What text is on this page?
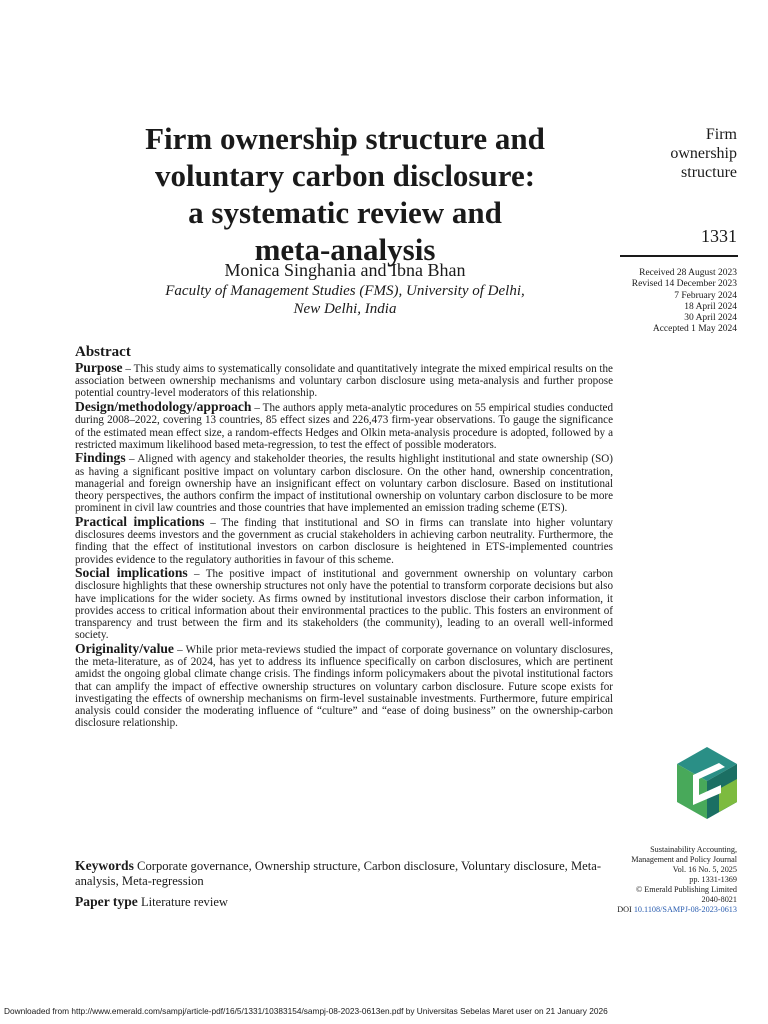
Firm ownership structure and
voluntary carbon disclosure:
a systematic review and
meta-analysis
Monica Singhania and Ibna Bhan
Faculty of Management Studies (FMS), University of Delhi,
New Delhi, India
Firm
ownership
structure
1331
Received 28 August 2023
Revised 14 December 2023
7 February 2024
18 April 2024
30 April 2024
Accepted 1 May 2024
Sustainability Accounting,
Management and Policy Journal
Vol. 16 No. 5, 2025
pp. 1331-1369
© Emerald Publishing Limited
2040-8021
DOI 10.1108/SAMPJ-08-2023-0613
Abstract

Purpose – This study aims to systematically consolidate and quantitatively integrate the mixed empirical results on the association between ownership mechanisms and voluntary carbon disclosure using meta-analysis and further propose potential country-level moderators of this relationship.

Design/methodology/approach – The authors apply meta-analytic procedures on 55 empirical studies conducted during 2008–2022, covering 13 countries, 85 effect sizes and 226,473 firm-year observations. To gauge the significance of the estimated mean effect size, a random-effects Hedges and Olkin meta-analysis procedure is adopted, followed by a restricted maximum likelihood based meta-regression, to test the effect of possible moderators.

Findings – Aligned with agency and stakeholder theories, the results highlight institutional and state ownership (SO) as having a significant positive impact on voluntary carbon disclosure. On the other hand, ownership concentration, managerial and foreign ownership have an insignificant effect on voluntary carbon disclosure. Based on institutional theory perspectives, the authors confirm the impact of institutional ownership on voluntary carbon disclosure to be more prominent in civil law countries and those countries that have implemented an emission trading scheme (ETS).

Practical implications – The finding that institutional and SO in firms can translate into higher voluntary disclosures deems investors and the government as crucial stakeholders in achieving carbon neutrality. Furthermore, the finding that the effect of institutional investors on carbon disclosure is heightened in ETS-implemented countries provides evidence to the regulatory authorities in favour of this scheme.

Social implications – The positive impact of institutional and government ownership on voluntary carbon disclosure highlights that these ownership structures not only have the potential to transform corporate decisions but also have implications for the wider society. As firms owned by institutional investors disclose their carbon information, it provides access to critical information about their environmental practices to the public. This fosters an environment of transparency and trust between the firm and its stakeholders (the community), leading to an overall well-informed society.

Originality/value – While prior meta-reviews studied the impact of corporate governance on voluntary disclosures, the meta-literature, as of 2024, has yet to address its influence specifically on carbon disclosures, which are pertinent amidst the ongoing global climate change crisis. The findings inform policymakers about the pivotal institutional factors that can amplify the impact of effective ownership structures on voluntary carbon disclosure. Future scope exists for investigating the effects of ownership mechanisms on firm-level sustainable investments. Furthermore, future empirical analysis could consider the moderating influence of “culture” and “ease of doing business” on the ownership-carbon disclosure relationship.

Keywords Corporate governance, Ownership structure, Carbon disclosure, Voluntary disclosure, Meta-analysis, Meta-regression
Paper type Literature review
Downloaded from http://www.emerald.com/sampj/article-pdf/16/5/1331/10383154/sampj-08-2023-0613en.pdf by Universitas Sebelas Maret user on 21 January 2026
